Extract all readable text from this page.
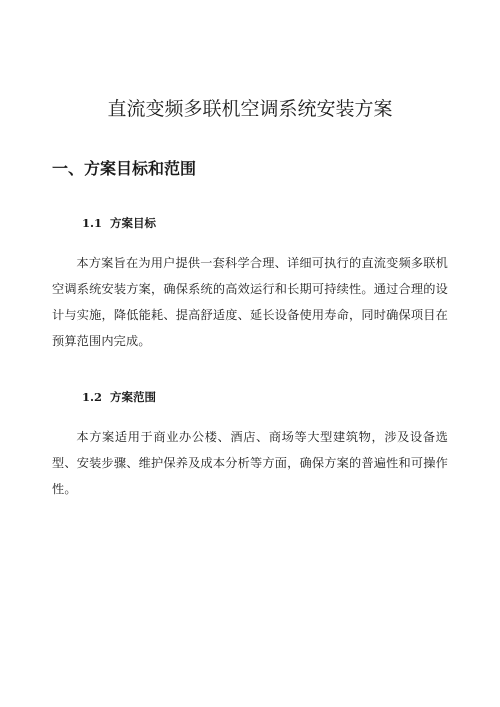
直流变频多联机空调系统安装方案
一、方案目标和范围
1.1 方案目标

本方案旨在为用户提供一套科学合理、详细可执行的直流变频多联机空调系统安装方案，确保系统的高效运行和长期可持续性。通过合理的设计与实施，降低能耗、提高舒适度、延长设备使用寿命，同时确保项目在预算范围内完成。

1.2 方案范围

本方案适用于商业办公楼、酒店、商场等大型建筑物，涉及设备选型、安装步骤、维护保养及成本分析等方面，确保方案的普遍性和可操作性。
